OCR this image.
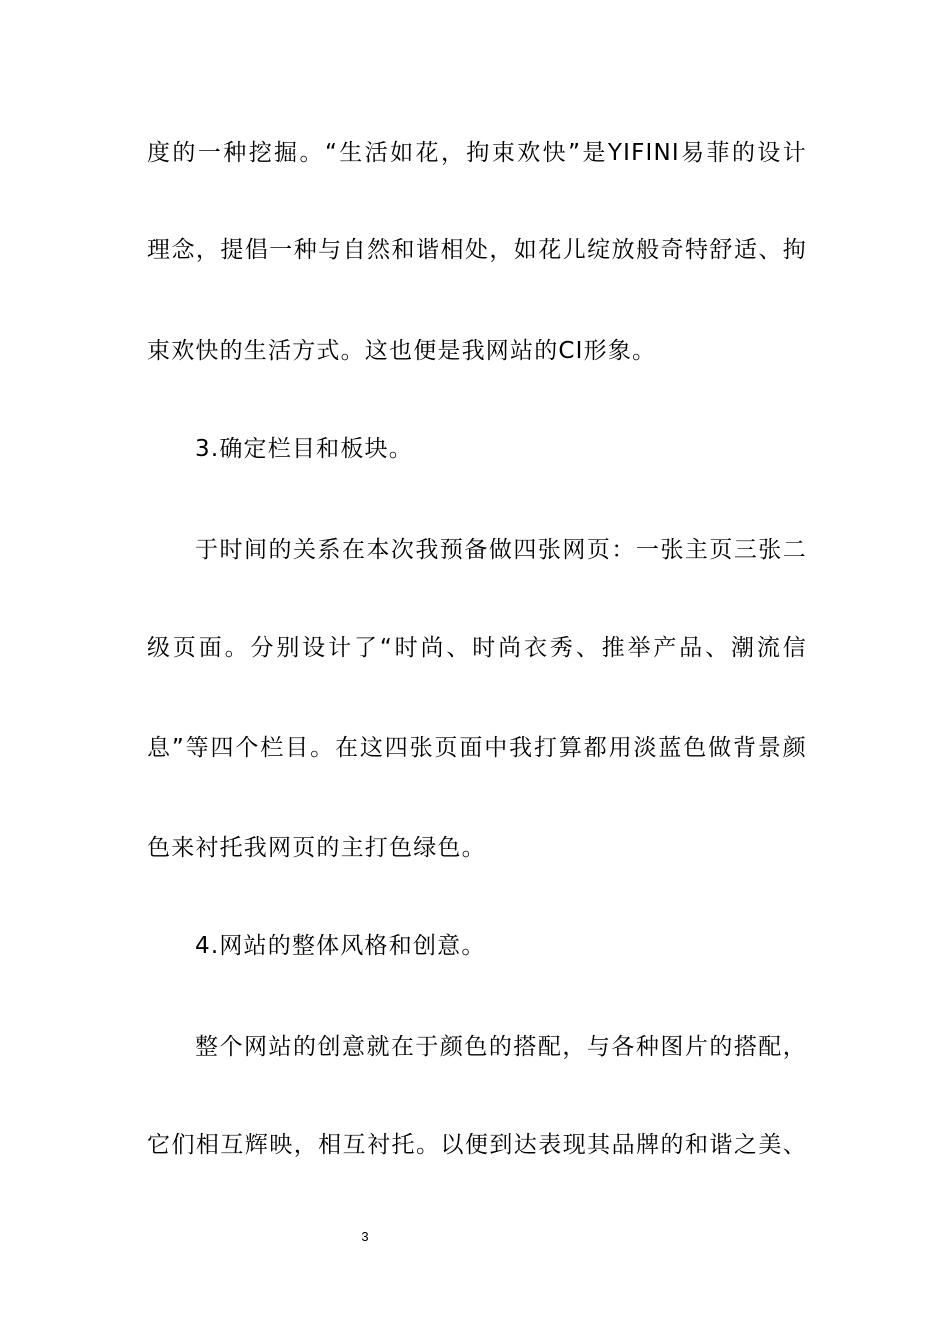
度的一种挖掘。“生活如花，拘束欢快”是YIFINI易菲的设计
理念，提倡一种与自然和谐相处，如花儿绽放般奇特舒适、拘
束欢快的生活方式。这也便是我网站的CI形象。
3.确定栏目和板块。
于时间的关系在本次我预备做四张网页：一张主页三张二
级页面。分别设计了“时尚、时尚衣秀、推举产品、潮流信
息”等四个栏目。在这四张页面中我打算都用淡蓝色做背景颜
色来衬托我网页的主打色绿色。
4.网站的整体风格和创意。
整个网站的创意就在于颜色的搭配，与各种图片的搭配，
它们相互辉映，相互衬托。以便到达表现其品牌的和谐之美、
3
